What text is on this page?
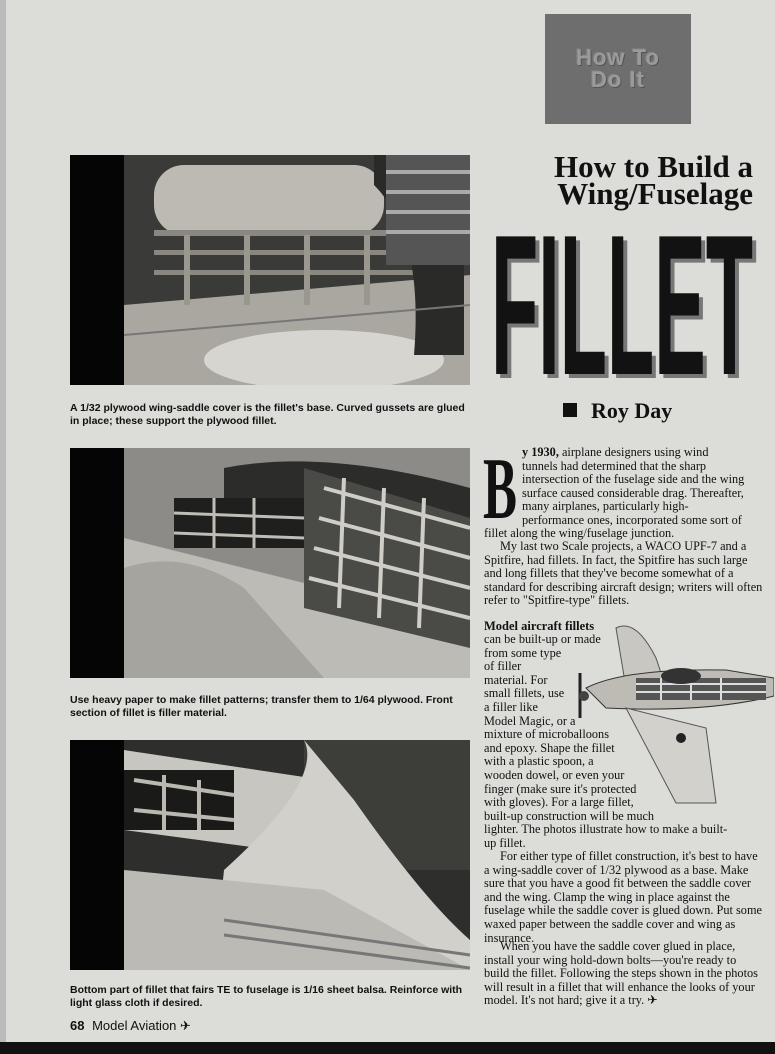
How To
Do It
A 1/32 plywood wing-saddle cover is the fillet's base. Curved gussets are glued in place; these support the plywood fillet.
Use heavy paper to make fillet patterns; transfer them to 1/64 plywood. Front section of fillet is filler material.
Bottom part of fillet that fairs TE to fuselage is 1/16 sheet balsa. Reinforce with light glass cloth if desired.
How to Build a
Wing/Fuselage
FILLET
FILLET
Roy Day
B y 1930, airplane designers using wind
tunnels had determined that the sharp
intersection of the fuselage side and the wing
surface caused considerable drag. Thereafter,
many airplanes, particularly high-
performance ones, incorporated some sort of
fillet along the wing/fuselage junction.
My last two Scale projects, a WACO UPF-7 and a Spitfire, had fillets. In fact, the Spitfire has such large and long fillets that they've become somewhat of a standard for describing aircraft design; writers will often refer to "Spitfire-type" fillets.
Model aircraft fillets
can be built-up or made
from some type
of filler
material. For
small fillets, use
a filler like
Model Magic, or a
mixture of microballoons
and epoxy. Shape the fillet
with a plastic spoon, a
wooden dowel, or even your
finger (make sure it's protected
with gloves). For a large fillet,
built-up construction will be much
lighter. The photos illustrate how to make a built-
up fillet.
For either type of fillet construction, it's best to have a wing-saddle cover of 1/32 plywood as a base. Make sure that you have a good fit between the saddle cover and the wing. Clamp the wing in place against the fuselage while the saddle cover is glued down. Put some waxed paper between the saddle cover and wing as insurance.
When you have the saddle cover glued in place, install your wing hold-down bolts—you're ready to build the fillet. Following the steps shown in the photos will result in a fillet that will enhance the looks of your model. It's not hard; give it a try. ✈
68 Model Aviation ✈
